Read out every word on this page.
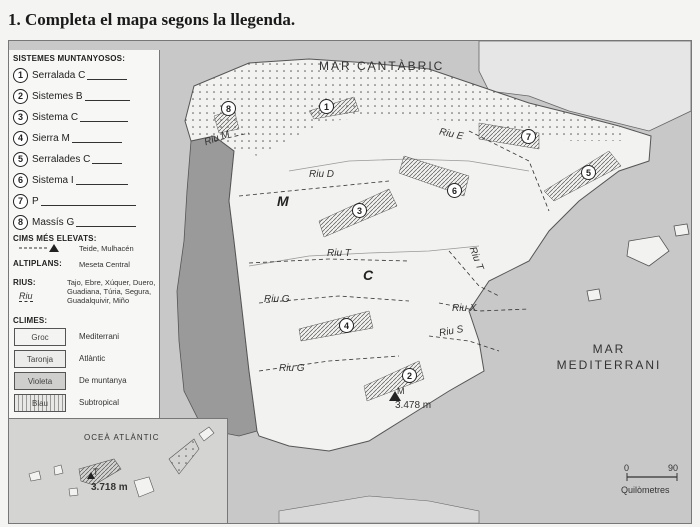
1. Completa el mapa segons la llegenda.
MAR CANTÀBRIC
MAR MEDITERRANI
Riu M	Riu E
Riu D
Riu T	Riu T
Riu G
Riu X
Riu S
Riu G
M
C
1
2
3
4
5
6
7
8
M
3.478 m
0	90
Quilòmetres
SISTEMES MUNTANYOSOS:
1 Serralada C
2 Sistemes B
3 Sistema C
4 Sierra M
5 Serralades C
6 Sistema I
7 P
8 Massís G
CIMS MÉS ELEVATS:
Teide, Mulhacén
ALTIPLANS: Meseta Central
RIUS:
Riu
Tajo, Ebre, Xúquer, Duero, Guadiana, Túria, Segura, Guadalquivir, Miño
CLIMES:
Groc	Mediterrani
Taronja	Atlàntic
Violeta	De muntanya
Blau	Subtropical
OCEÀ ATLÀNTIC
T
3.718 m
